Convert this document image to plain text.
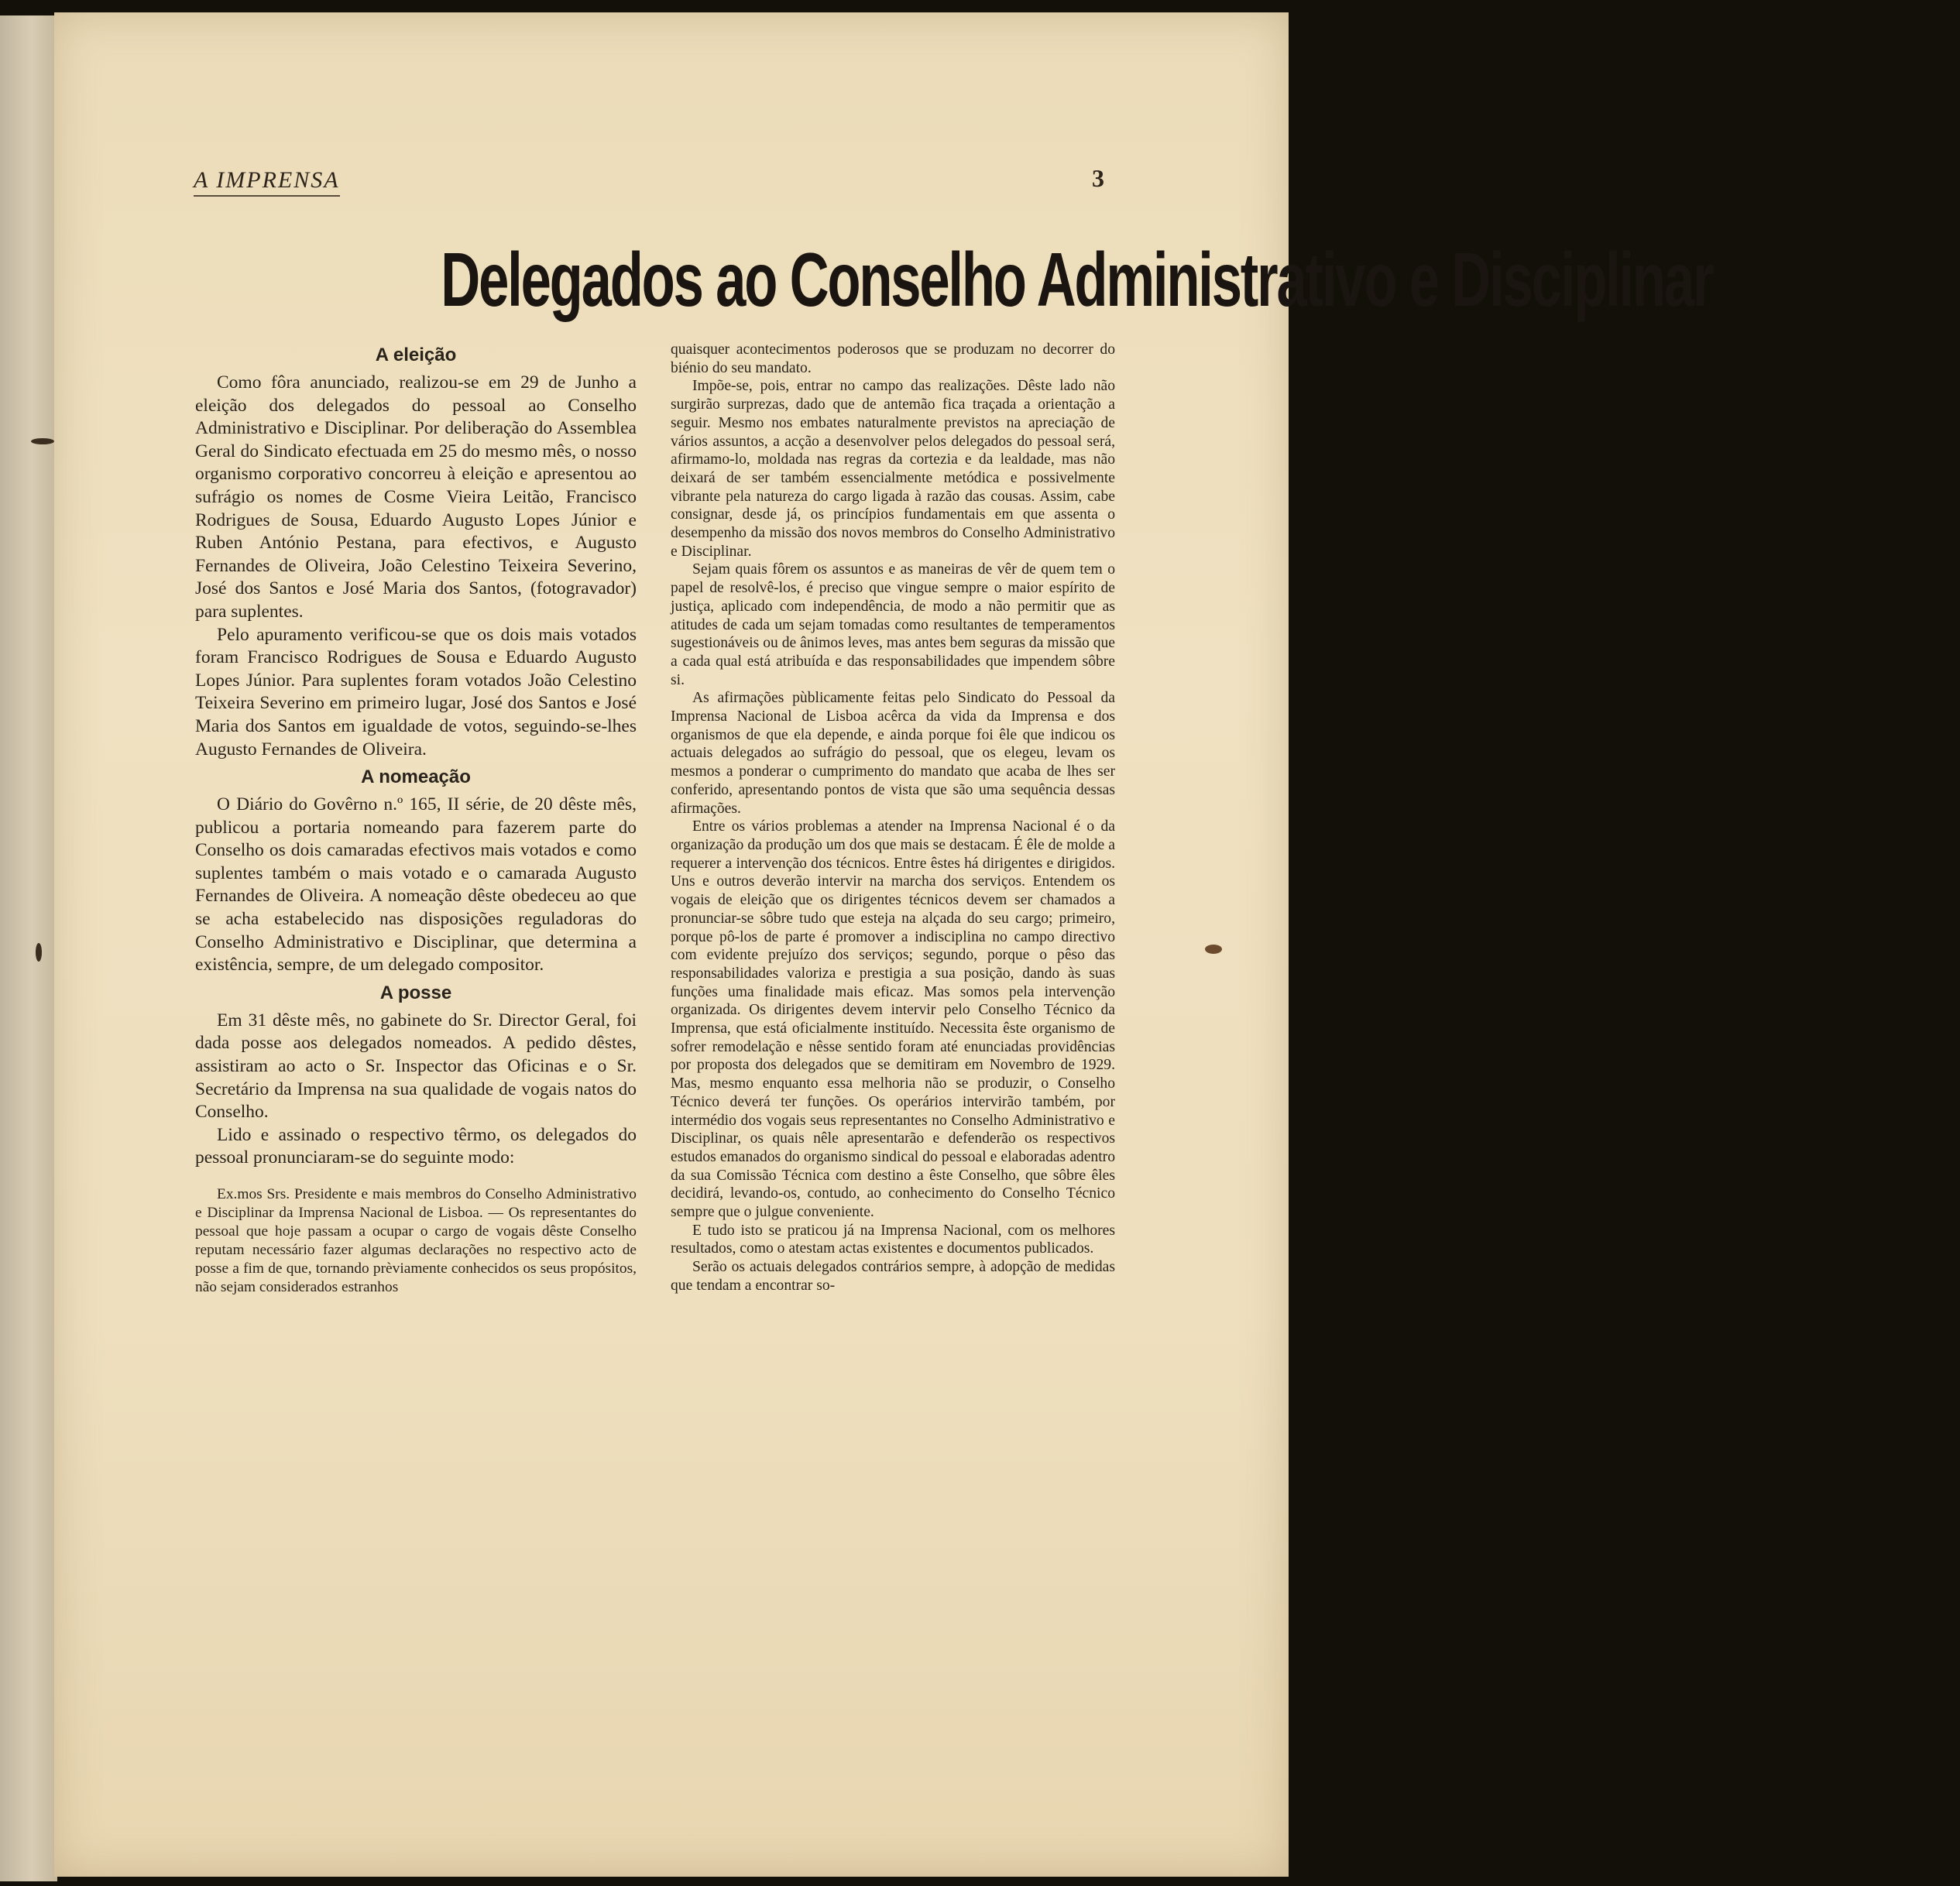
A IMPRENSA	3
Delegados ao Conselho Administrativo e Disciplinar
A eleição

Como fôra anunciado, realizou-se em 29 de Junho a eleição dos delegados do pessoal ao Conselho Administrativo e Disciplinar. Por deliberação do Assemblea Geral do Sindicato efectuada em 25 do mesmo mês, o nosso organismo corporativo concorreu à eleição e apresentou ao sufrágio os nomes de Cosme Vieira Leitão, Francisco Rodrigues de Sousa, Eduardo Augusto Lopes Júnior e Ruben António Pestana, para efectivos, e Augusto Fernandes de Oliveira, João Celestino Teixeira Severino, José dos Santos e José Maria dos Santos, (fotogravador) para suplentes.

Pelo apuramento verificou-se que os dois mais votados foram Francisco Rodrigues de Sousa e Eduardo Augusto Lopes Júnior. Para suplentes foram votados João Celestino Teixeira Severino em primeiro lugar, José dos Santos e José Maria dos Santos em igualdade de votos, seguindo-se-lhes Augusto Fernandes de Oliveira.

A nomeação

O Diário do Govêrno n.º 165, II série, de 20 dêste mês, publicou a portaria nomeando para fazerem parte do Conselho os dois camaradas efectivos mais votados e como suplentes também o mais votado e o camarada Augusto Fernandes de Oliveira. A nomeação dêste obedeceu ao que se acha estabelecido nas disposições reguladoras do Conselho Administrativo e Disciplinar, que determina a existência, sempre, de um delegado compositor.

A posse

Em 31 dêste mês, no gabinete do Sr. Director Geral, foi dada posse aos delegados nomeados. A pedido dêstes, assistiram ao acto o Sr. Inspector das Oficinas e o Sr. Secretário da Imprensa na sua qualidade de vogais natos do Conselho.

Lido e assinado o respectivo têrmo, os delegados do pessoal pronunciaram-se do seguinte modo:

Ex.mos Srs. Presidente e mais membros do Conselho Administrativo e Disciplinar da Imprensa Nacional de Lisboa. — Os representantes do pessoal que hoje passam a ocupar o cargo de vogais dêste Conselho reputam necessário fazer algumas declarações no respectivo acto de posse a fim de que, tornando prèviamente conhecidos os seus propósitos, não sejam considerados estranhos

quaisquer acontecimentos poderosos que se produzam no decorrer do biénio do seu mandato.

Impõe-se, pois, entrar no campo das realizações. Dêste lado não surgirão surprezas, dado que de antemão fica traçada a orientação a seguir. Mesmo nos embates naturalmente previstos na apreciação de vários assuntos, a acção a desenvolver pelos delegados do pessoal será, afirmamo-lo, moldada nas regras da cortezia e da lealdade, mas não deixará de ser também essencialmente metódica e possivelmente vibrante pela natureza do cargo ligada à razão das cousas. Assim, cabe consignar, desde já, os princípios fundamentais em que assenta o desempenho da missão dos novos membros do Conselho Administrativo e Disciplinar.

Sejam quais fôrem os assuntos e as maneiras de vêr de quem tem o papel de resolvê-los, é preciso que vingue sempre o maior espírito de justiça, aplicado com independência, de modo a não permitir que as atitudes de cada um sejam tomadas como resultantes de temperamentos sugestionáveis ou de ânimos leves, mas antes bem seguras da missão que a cada qual está atribuída e das responsabilidades que impendem sôbre si.

As afirmações pùblicamente feitas pelo Sindicato do Pessoal da Imprensa Nacional de Lisboa acêrca da vida da Imprensa e dos organismos de que ela depende, e ainda porque foi êle que indicou os actuais delegados ao sufrágio do pessoal, que os elegeu, levam os mesmos a ponderar o cumprimento do mandato que acaba de lhes ser conferido, apresentando pontos de vista que são uma sequência dessas afirmações.

Entre os vários problemas a atender na Imprensa Nacional é o da organização da produção um dos que mais se destacam. É êle de molde a requerer a intervenção dos técnicos. Entre êstes há dirigentes e dirigidos. Uns e outros deverão intervir na marcha dos serviços. Entendem os vogais de eleição que os dirigentes técnicos devem ser chamados a pronunciar-se sôbre tudo que esteja na alçada do seu cargo; primeiro, porque pô-los de parte é promover a indisciplina no campo directivo com evidente prejuízo dos serviços; segundo, porque o pêso das responsabilidades valoriza e prestigia a sua posição, dando às suas funções uma finalidade mais eficaz. Mas somos pela intervenção organizada. Os dirigentes devem intervir pelo Conselho Técnico da Imprensa, que está oficialmente instituído. Necessita êste organismo de sofrer remodelação e nêsse sentido foram até enunciadas providências por proposta dos delegados que se demitiram em Novembro de 1929. Mas, mesmo enquanto essa melhoria não se produzir, o Conselho Técnico deverá ter funções. Os operários intervirão também, por intermédio dos vogais seus representantes no Conselho Administrativo e Disciplinar, os quais nêle apresentarão e defenderão os respectivos estudos emanados do organismo sindical do pessoal e elaboradas adentro da sua Comissão Técnica com destino a êste Conselho, que sôbre êles decidirá, levando-os, contudo, ao conhecimento do Conselho Técnico sempre que o julgue conveniente.

E tudo isto se praticou já na Imprensa Nacional, com os melhores resultados, como o atestam actas existentes e documentos publicados.

Serão os actuais delegados contrários sempre, à adopção de medidas que tendam a encontrar so-
